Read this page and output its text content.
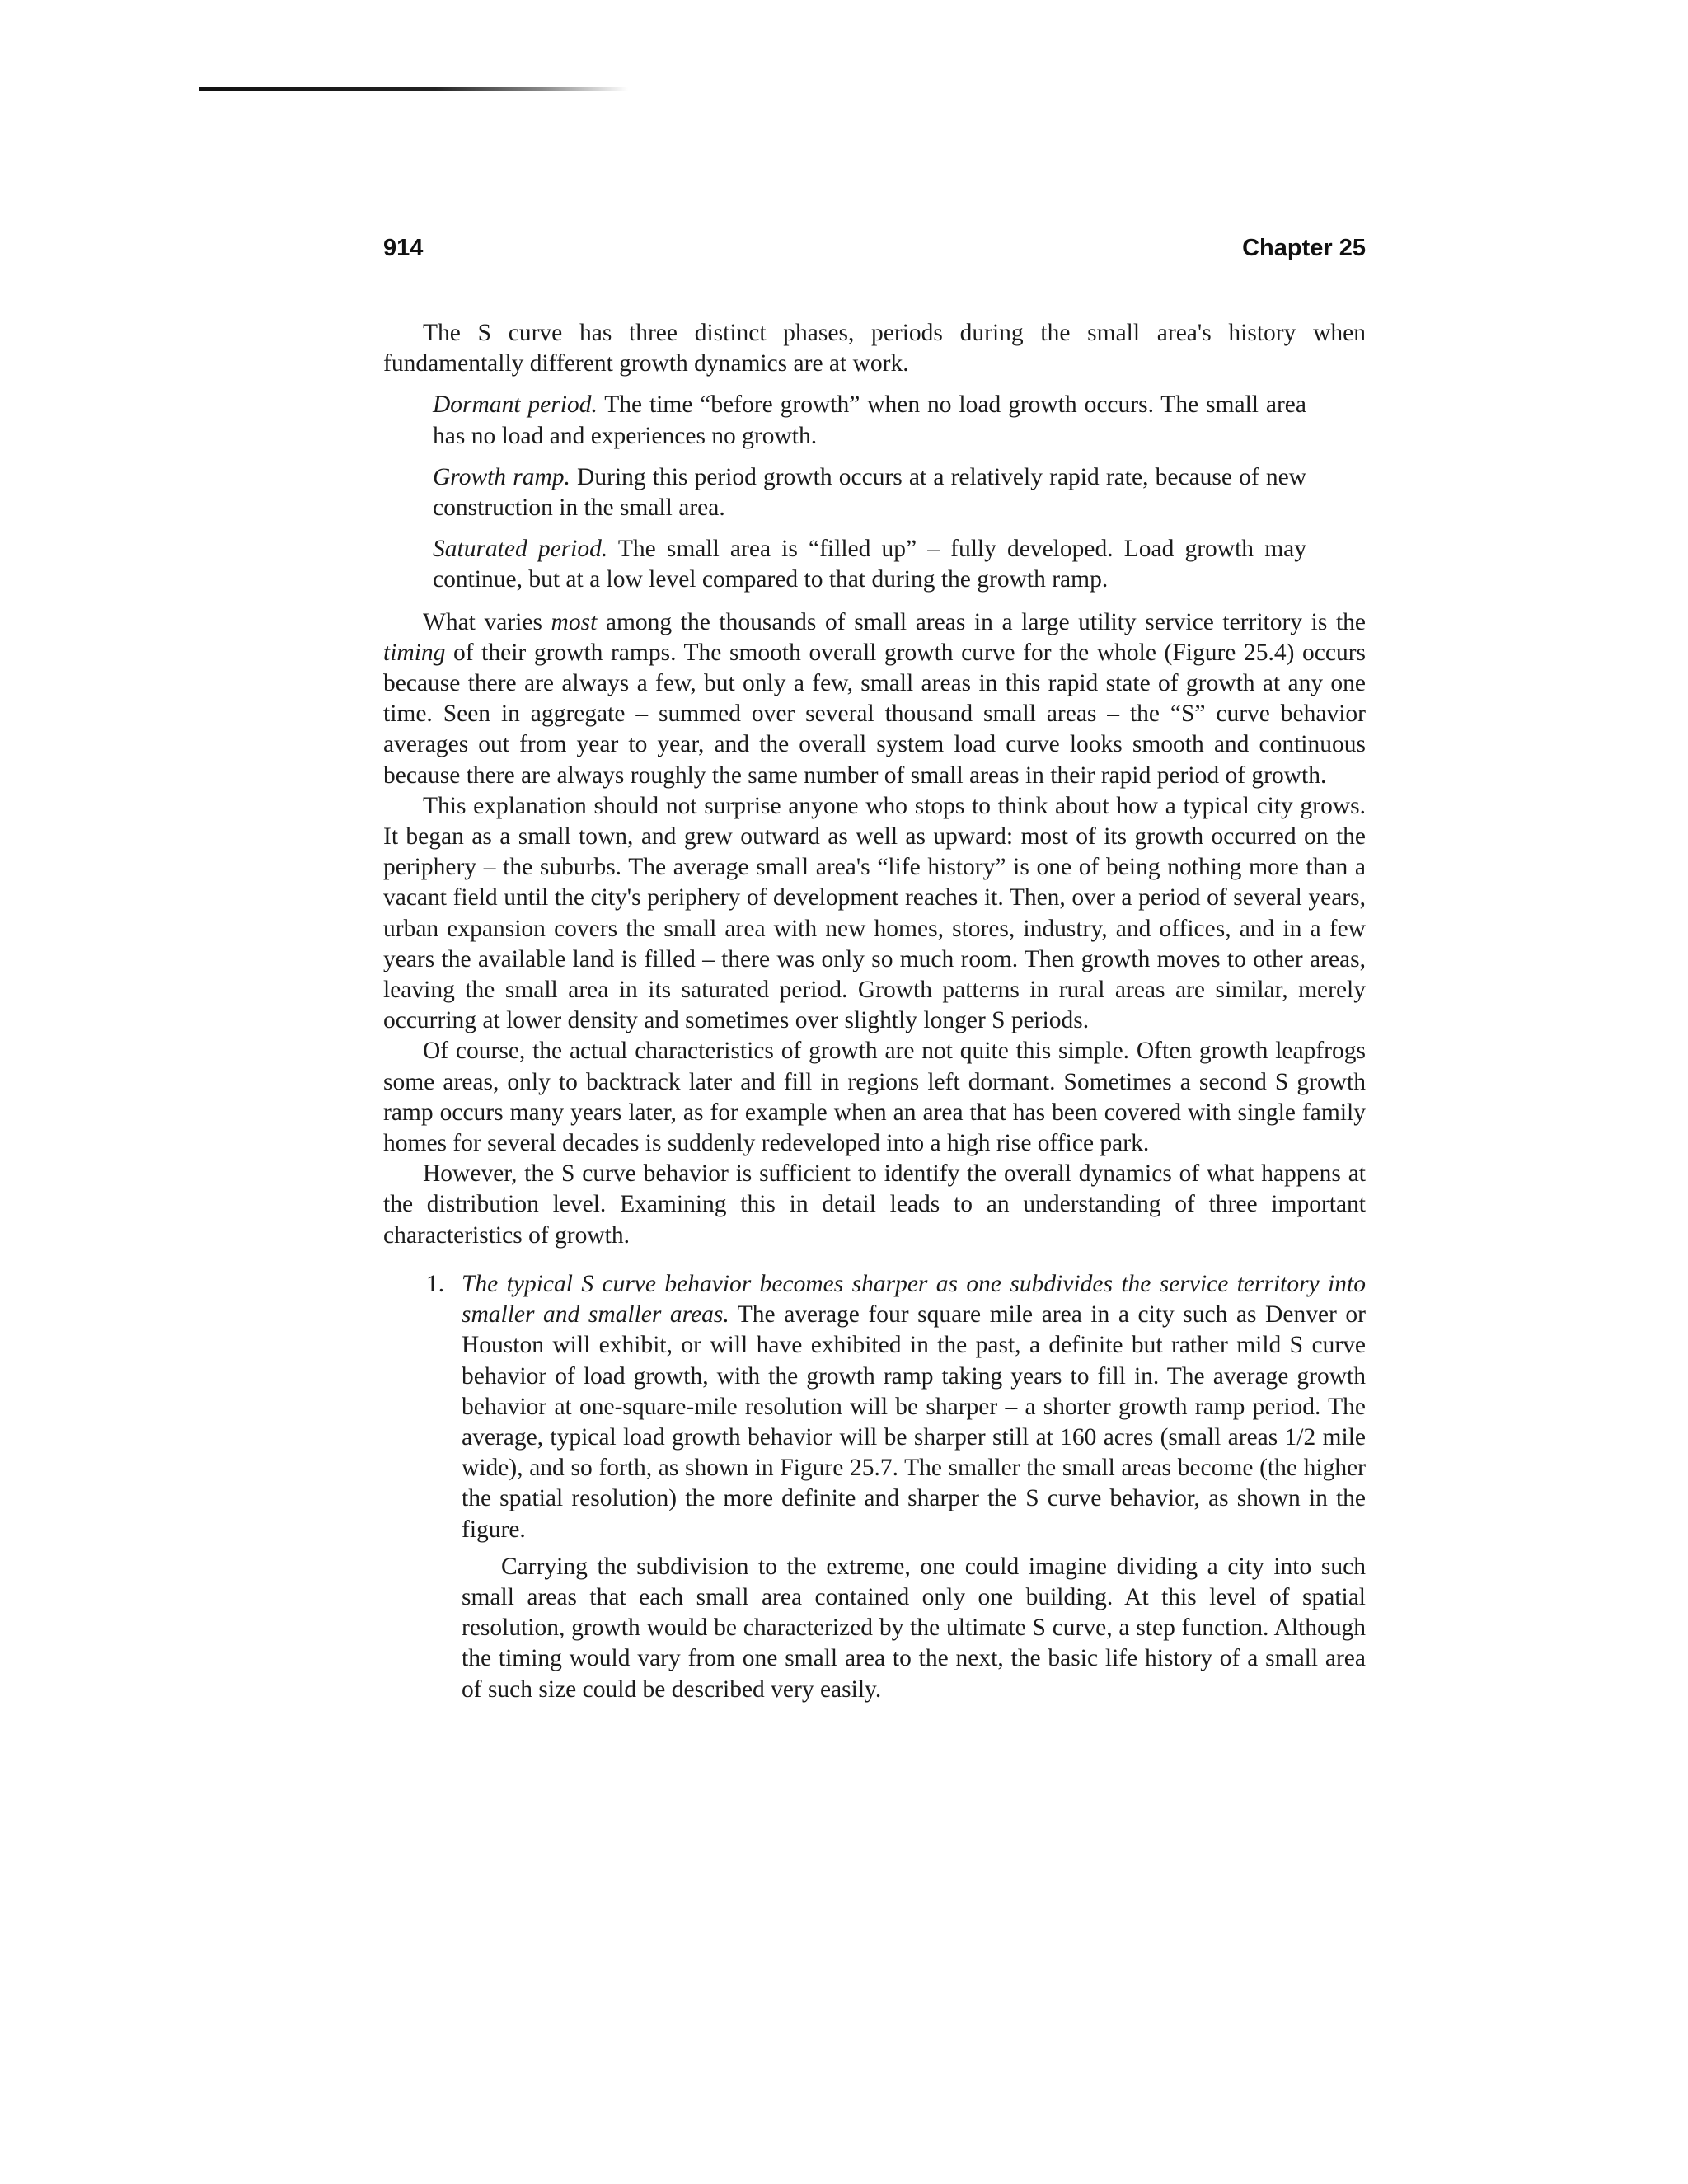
914	Chapter 25

The S curve has three distinct phases, periods during the small area's history when fundamentally different growth dynamics are at work.

Dormant period. The time “before growth” when no load growth occurs. The small area has no load and experiences no growth.

Growth ramp. During this period growth occurs at a relatively rapid rate, because of new construction in the small area.

Saturated period. The small area is “filled up” – fully developed. Load growth may continue, but at a low level compared to that during the growth ramp.

What varies most among the thousands of small areas in a large utility service territory is the timing of their growth ramps. The smooth overall growth curve for the whole (Figure 25.4) occurs because there are always a few, but only a few, small areas in this rapid state of growth at any one time. Seen in aggregate – summed over several thousand small areas – the “S” curve behavior averages out from year to year, and the overall system load curve looks smooth and continuous because there are always roughly the same number of small areas in their rapid period of growth.

This explanation should not surprise anyone who stops to think about how a typical city grows. It began as a small town, and grew outward as well as upward: most of its growth occurred on the periphery – the suburbs. The average small area's “life history” is one of being nothing more than a vacant field until the city's periphery of development reaches it. Then, over a period of several years, urban expansion covers the small area with new homes, stores, industry, and offices, and in a few years the available land is filled – there was only so much room. Then growth moves to other areas, leaving the small area in its saturated period. Growth patterns in rural areas are similar, merely occurring at lower density and sometimes over slightly longer S periods.

Of course, the actual characteristics of growth are not quite this simple. Often growth leapfrogs some areas, only to backtrack later and fill in regions left dormant. Sometimes a second S growth ramp occurs many years later, as for example when an area that has been covered with single family homes for several decades is suddenly redeveloped into a high rise office park.

However, the S curve behavior is sufficient to identify the overall dynamics of what happens at the distribution level. Examining this in detail leads to an understanding of three important characteristics of growth.

1. The typical S curve behavior becomes sharper as one subdivides the service territory into smaller and smaller areas. The average four square mile area in a city such as Denver or Houston will exhibit, or will have exhibited in the past, a definite but rather mild S curve behavior of load growth, with the growth ramp taking years to fill in. The average growth behavior at one-square-mile resolution will be sharper – a shorter growth ramp period. The average, typical load growth behavior will be sharper still at 160 acres (small areas 1/2 mile wide), and so forth, as shown in Figure 25.7. The smaller the small areas become (the higher the spatial resolution) the more definite and sharper the S curve behavior, as shown in the figure.

Carrying the subdivision to the extreme, one could imagine dividing a city into such small areas that each small area contained only one building. At this level of spatial resolution, growth would be characterized by the ultimate S curve, a step function. Although the timing would vary from one small area to the next, the basic life history of a small area of such size could be described very easily.
